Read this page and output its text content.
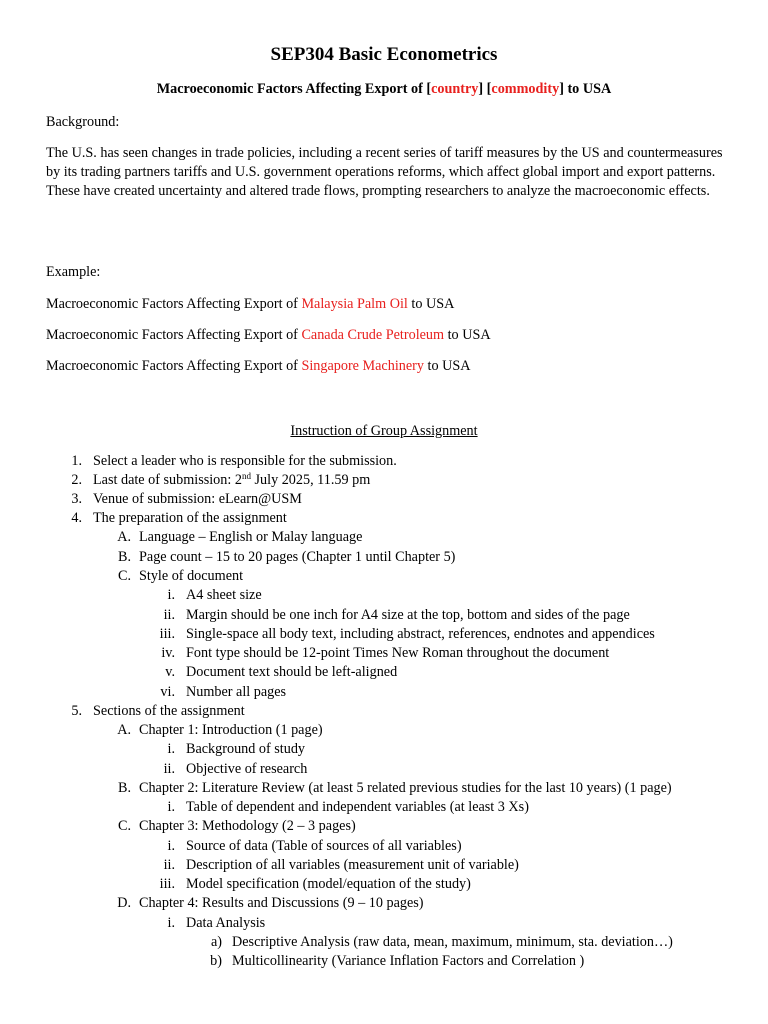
SEP304 Basic Econometrics
Macroeconomic Factors Affecting Export of [country] [commodity] to USA
Background:
The U.S. has seen changes in trade policies, including a recent series of tariff measures by the US and countermeasures by its trading partners tariffs and U.S. government operations reforms, which affect global import and export patterns. These have created uncertainty and altered trade flows, prompting researchers to analyze the macroeconomic effects.
Example:
Macroeconomic Factors Affecting Export of Malaysia Palm Oil to USA
Macroeconomic Factors Affecting Export of Canada Crude Petroleum to USA
Macroeconomic Factors Affecting Export of Singapore Machinery to USA
Instruction of Group Assignment
1. Select a leader who is responsible for the submission.
2. Last date of submission: 2nd July 2025, 11.59 pm
3. Venue of submission: eLearn@USM
4. The preparation of the assignment
A. Language – English or Malay language
B. Page count – 15 to 20 pages (Chapter 1 until Chapter 5)
C. Style of document
i. A4 sheet size
ii. Margin should be one inch for A4 size at the top, bottom and sides of the page
iii. Single-space all body text, including abstract, references, endnotes and appendices
iv. Font type should be 12-point Times New Roman throughout the document
v. Document text should be left-aligned
vi. Number all pages
5. Sections of the assignment
A. Chapter 1: Introduction (1 page)
i. Background of study
ii. Objective of research
B. Chapter 2: Literature Review (at least 5 related previous studies for the last 10 years) (1 page)
i. Table of dependent and independent variables (at least 3 Xs)
C. Chapter 3: Methodology (2 – 3 pages)
i. Source of data (Table of sources of all variables)
ii. Description of all variables (measurement unit of variable)
iii. Model specification (model/equation of the study)
D. Chapter 4: Results and Discussions (9 – 10 pages)
i. Data Analysis
a) Descriptive Analysis (raw data, mean, maximum, minimum, sta. deviation…)
b) Multicollinearity (Variance Inflation Factors and Correlation )
